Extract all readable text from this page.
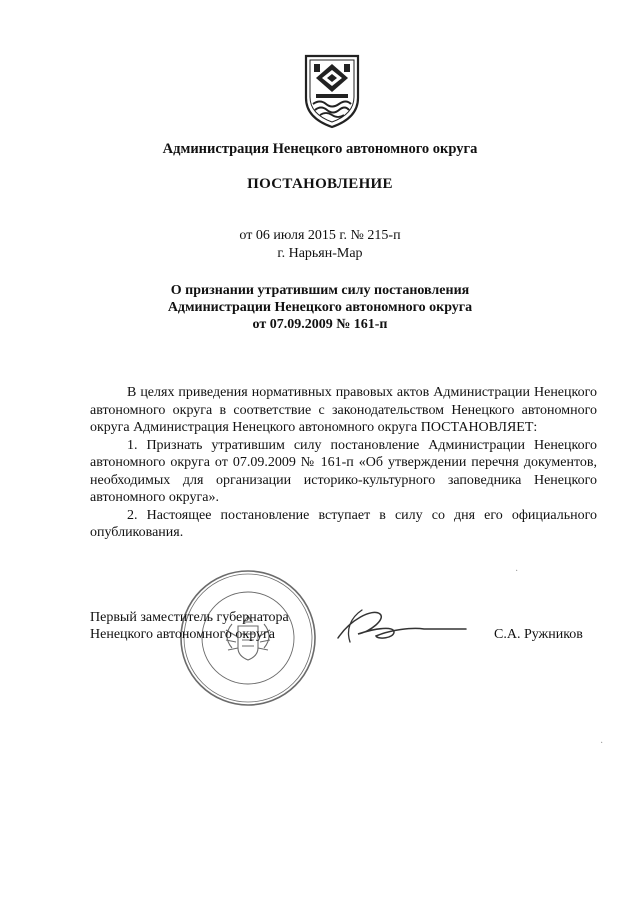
Администрация Ненецкого автономного округа
ПОСТАНОВЛЕНИЕ
от 06 июля 2015 г. № 215-п
г. Нарьян-Мар
О признании утратившим силу постановления
Администрации Ненецкого автономного округа
от 07.09.2009 № 161-п

В целях приведения нормативных правовых актов Администрации Ненецкого автономного округа в соответствие с законодательством Ненецкого автономного округа Администрация Ненецкого автономного округа ПОСТАНОВЛЯЕТ:

1. Признать утратившим силу постановление Администрации Ненецкого автономного округа от 07.09.2009 № 161-п «Об утверждении перечня документов, необходимых для организации историко-культурного заповедника Ненецкого автономного округа».

2. Настоящее постановление вступает в силу со дня его официального опубликования.

Первый заместитель губернатора
Ненецкого автономного округа	С.А. Ружников
·
·
